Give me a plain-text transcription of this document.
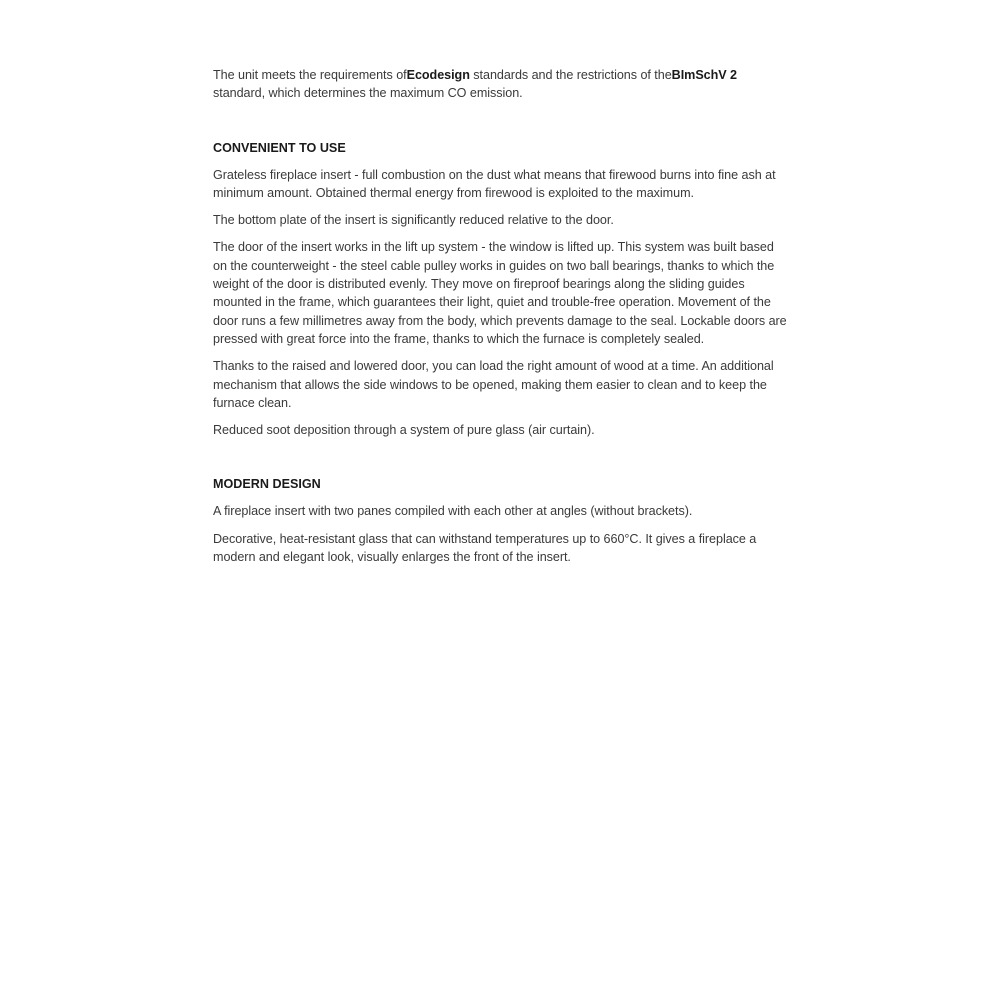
The unit meets the requirements ofEcodesign standards and the restrictions of theBImSchV 2 standard, which determines the maximum CO emission.

CONVENIENT TO USE

Grateless fireplace insert - full combustion on the dust what means that firewood burns into fine ash at minimum amount. Obtained thermal energy from firewood is exploited to the maximum.

The bottom plate of the insert is significantly reduced relative to the door.

The door of the insert works in the lift up system - the window is lifted up. This system was built based on the counterweight - the steel cable pulley works in guides on two ball bearings, thanks to which the weight of the door is distributed evenly. They move on fireproof bearings along the sliding guides mounted in the frame, which guarantees their light, quiet and trouble-free operation. Movement of the door runs a few millimetres away from the body, which prevents damage to the seal. Lockable doors are pressed with great force into the frame, thanks to which the furnace is completely sealed.

Thanks to the raised and lowered door, you can load the right amount of wood at a time. An additional mechanism that allows the side windows to be opened, making them easier to clean and to keep the furnace clean.

Reduced soot deposition through a system of pure glass (air curtain).

MODERN DESIGN

A fireplace insert with two panes compiled with each other at angles (without brackets).

Decorative, heat-resistant glass that can withstand temperatures up to 660°C. It gives a fireplace a modern and elegant look, visually enlarges the front of the insert.
